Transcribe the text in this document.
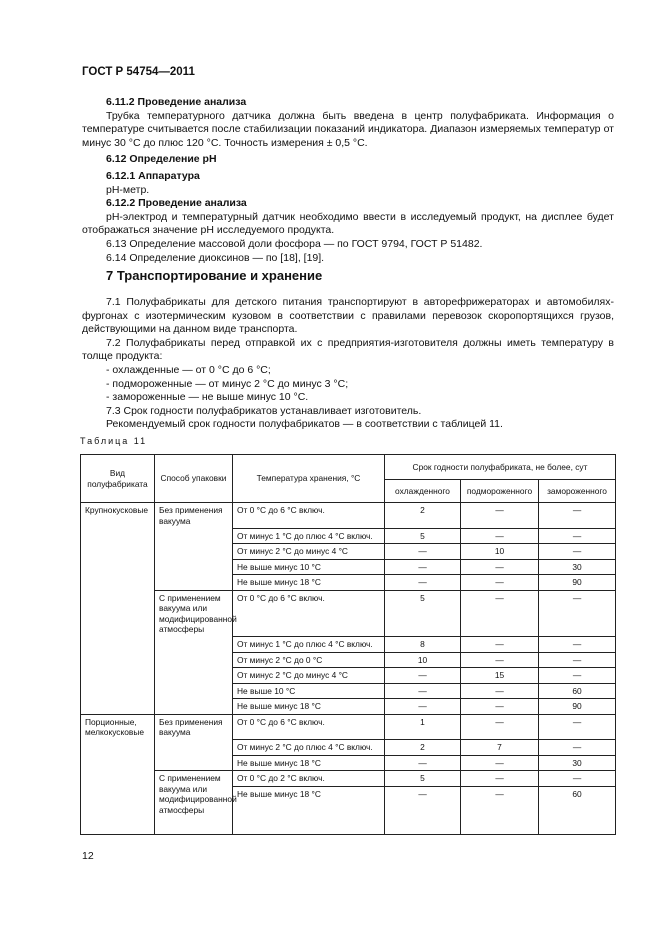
ГОСТ Р 54754—2011
6.11.2 Проведение анализа
Трубка температурного датчика должна быть введена в центр полуфабриката. Информация о температуре считывается после стабилизации показаний индикатора. Диапазон измеряемых температур от минус 30 °С до плюс 120 °С. Точность измерения ± 0,5 °С.
6.12 Определение pH
6.12.1 Аппаратура
pH-метр.
6.12.2 Проведение анализа
pH-электрод и температурный датчик необходимо ввести в исследуемый продукт, на дисплее будет отображаться значение pH исследуемого продукта.
6.13 Определение массовой доли фосфора — по ГОСТ 9794, ГОСТ Р 51482.
6.14 Определение диоксинов — по [18], [19].
7 Транспортирование и хранение
7.1 Полуфабрикаты для детского питания транспортируют в авторефрижераторах и автомобилях-фургонах с изотермическим кузовом в соответствии с правилами перевозок скоропортящихся грузов, действующими на данном виде транспорта.
7.2 Полуфабрикаты перед отправкой их с предприятия-изготовителя должны иметь температуру в толще продукта:
- охлажденные — от 0 °С до 6 °С;
- подмороженные — от минус 2 °С до минус 3 °С;
- замороженные — не выше минус 10 °С.
7.3 Срок годности полуфабрикатов устанавливает изготовитель.
Рекомендуемый срок годности полуфабрикатов — в соответствии с таблицей 11.
Таблица 11
Вид полуфабриката	Способ упаковки	Температура хранения, °С	Срок годности полуфабриката, не более, сут		
			охлажденного	подмороженного	замороженного
Крупнокусковые	Без применения вакуума	От 0 °С до 6 °С включ.	2	—	—
		От минус 1 °С до плюс 4 °С включ.	5	—	—
		От минус 2 °С до минус 4 °С	—	10	—
		Не выше минус 10 °С	—	—	30
		Не выше минус 18 °С	—	—	90
	С применением вакуума или модифицированной атмосферы	От 0 °С до 6 °С включ.	5	—	—
		От минус 1 °С до плюс 4 °С включ.	8	—	—
		От минус 2 °С до 0 °С	10	—	—
		От минус 2 °С до минус 4 °С	—	15	—
		Не выше 10 °С	—	—	60
		Не выше минус 18 °С	—	—	90
Порционные, мелкокусковые	Без применения вакуума	От 0 °С до 6 °С включ.	1	—	—
		От минус 2 °С до плюс 4 °С включ.	2	7	—
		Не выше минус 18 °С	—	—	30
	С применением вакуума или модифицированной атмосферы	От 0 °С до 2 °С включ.	5	—	—
		Не выше минус 18 °С	—	—	60
12
